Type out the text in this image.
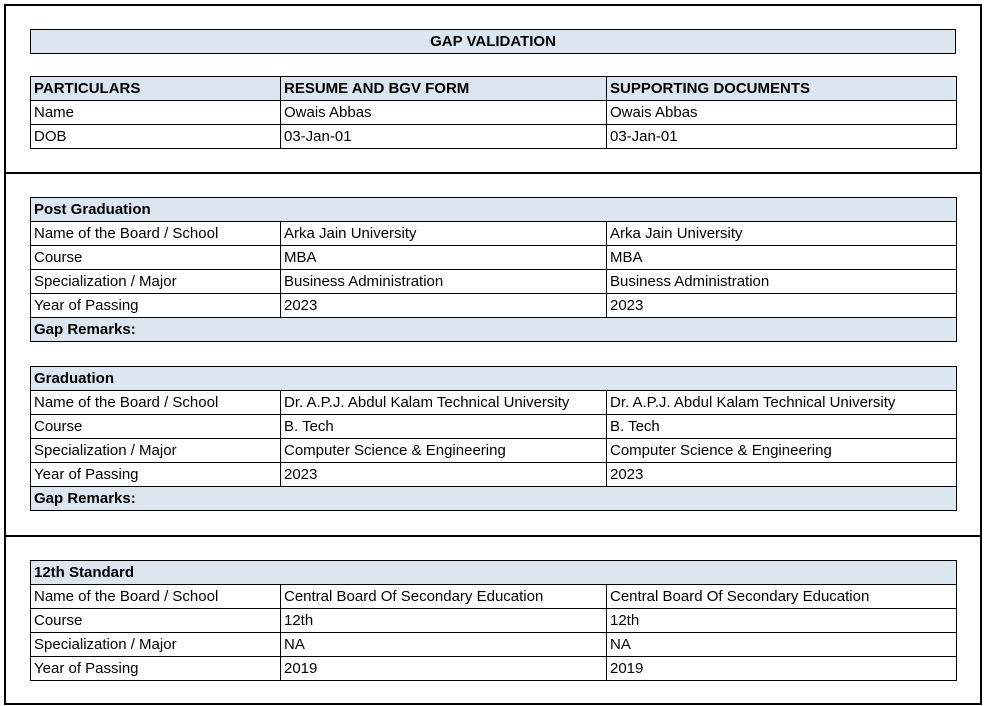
GAP VALIDATION
PARTICULARS	RESUME AND BGV FORM	SUPPORTING DOCUMENTS
Name	Owais Abbas	Owais Abbas
DOB	03-Jan-01	03-Jan-01
Post Graduation		
Name of the Board / School	Arka Jain University	Arka Jain University
Course	MBA	MBA
Specialization / Major	Business Administration	Business Administration
Year of Passing	2023	2023
Gap Remarks:		
Graduation		
Name of the Board / School	Dr. A.P.J. Abdul Kalam Technical University	Dr. A.P.J. Abdul Kalam Technical University
Course	B. Tech	B. Tech
Specialization / Major	Computer Science & Engineering	Computer Science & Engineering
Year of Passing	2023	2023
Gap Remarks:		
12th Standard		
Name of the Board / School	Central Board Of Secondary Education	Central Board Of Secondary Education
Course	12th	12th
Specialization / Major	NA	NA
Year of Passing	2019	2019
